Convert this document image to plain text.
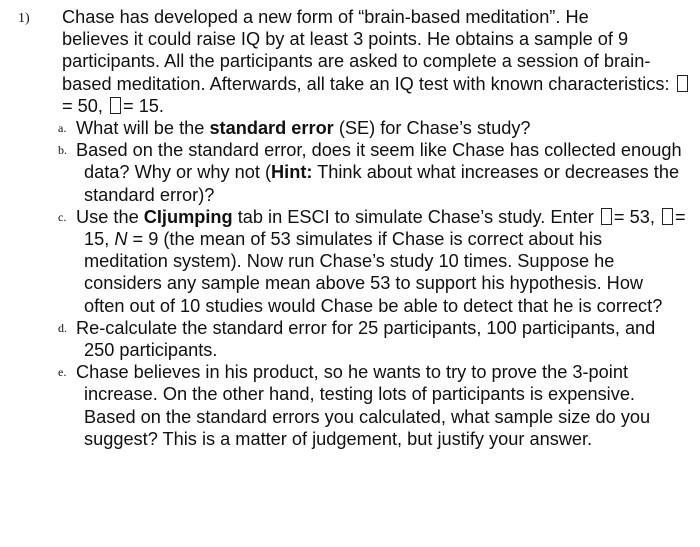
1) Chase has developed a new form of “brain-based meditation”. He
believes it could raise IQ by at least 3 points. He obtains a sample of 9 participants. All the participants are asked to complete a session of brain-based meditation. Afterwards, all take an IQ test with known characteristics: = 50, = 15.

a. What will be the standard error (SE) for Chase’s study?

b. Based on the standard error, does it seem like Chase has collected enough data? Why or why not (Hint: Think about what increases or decreases the standard error)?

c. Use the CIjumping tab in ESCI to simulate Chase’s study. Enter = 53, = 15, N = 9 (the mean of 53 simulates if Chase is correct about his meditation system). Now run Chase’s study 10 times. Suppose he considers any sample mean above 53 to support his hypothesis. How often out of 10 studies would Chase be able to detect that he is correct?

d. Re-calculate the standard error for 25 participants, 100 participants, and 250 participants.

e. Chase believes in his product, so he wants to try to prove the 3-point increase. On the other hand, testing lots of participants is expensive. Based on the standard errors you calculated, what sample size do you suggest? This is a matter of judgement, but justify your answer.
